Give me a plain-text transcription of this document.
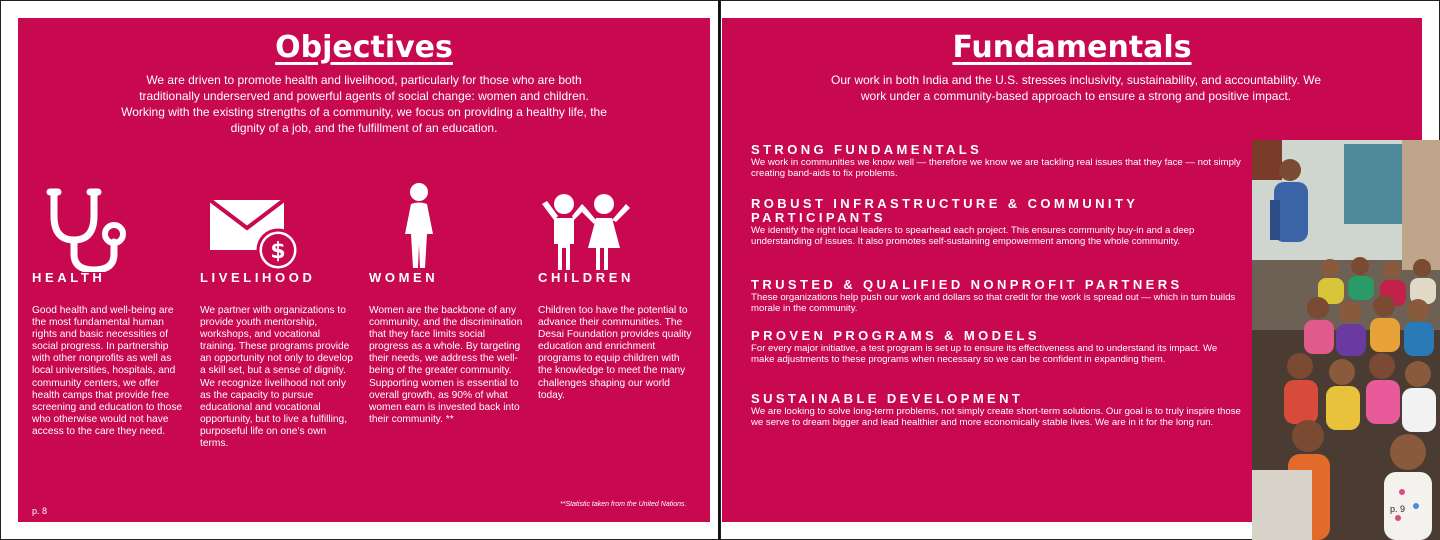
Objectives
We are driven to promote health and livelihood, particularly for those who are both traditionally underserved and powerful agents of social change: women and children. Working with the existing strengths of a community, we focus on providing a healthy life, the dignity of a job, and the fulfillment of an education.
HEALTH

Good health and well-being are the most fundamental human rights and basic necessities of social progress. In partnership with other nonprofits as well as local universities, hospitals, and community centers, we offer health camps that provide free screening and education to those who otherwise would not have access to the care they need.

$
LIVELIHOOD

We partner with organizations to provide youth mentorship, workshops, and vocational training. These programs provide an opportunity not only to develop a skill set, but a sense of dignity. We recognize livelihood not only as the capacity to pursue educational and vocational opportunity, but to live a fulfilling, purposeful life on one’s own terms.

WOMEN

Women are the backbone of any community, and the discrimination that they face limits social progress as a whole. By targeting their needs, we address the well-being of the greater community. Supporting women is essential to overall growth, as 90% of what women earn is invested back into their community. **

CHILDREN

Children too have the potential to advance their communities. The Desai Foundation provides quality education and enrichment programs to equip children with the knowledge to meet the many challenges shaping our world today.

p. 8
**Statistic taken from the United Nations.
Fundamentals
Our work in both India and the U.S. stresses inclusivity, sustainability, and accountability. We work under a community-based approach to ensure a strong and positive impact.
STRONG FUNDAMENTALS

We work in communities we know well — therefore we know we are tackling real issues that they face — not simply creating band-aids to fix problems.

ROBUST INFRASTRUCTURE & COMMUNITY PARTICIPANTS

We identify the right local leaders to spearhead each project. This ensures community buy-in and a deep understanding of issues. It also promotes self-sustaining empowerment among the whole community.

TRUSTED & QUALIFIED NONPROFIT PARTNERS

These organizations help push our work and dollars so that credit for the work is spread out — which in turn builds morale in the community.

PROVEN PROGRAMS & MODELS

For every major initiative, a test program is set up to ensure its effectiveness and to understand its impact. We make adjustments to these programs when necessary so we can be confident in expanding them.

SUSTAINABLE DEVELOPMENT

We are looking to solve long-term problems, not simply create short-term solutions. Our goal is to truly inspire those we serve to dream bigger and lead healthier and more economically stable lives. We are in it for the long run.

p. 9
